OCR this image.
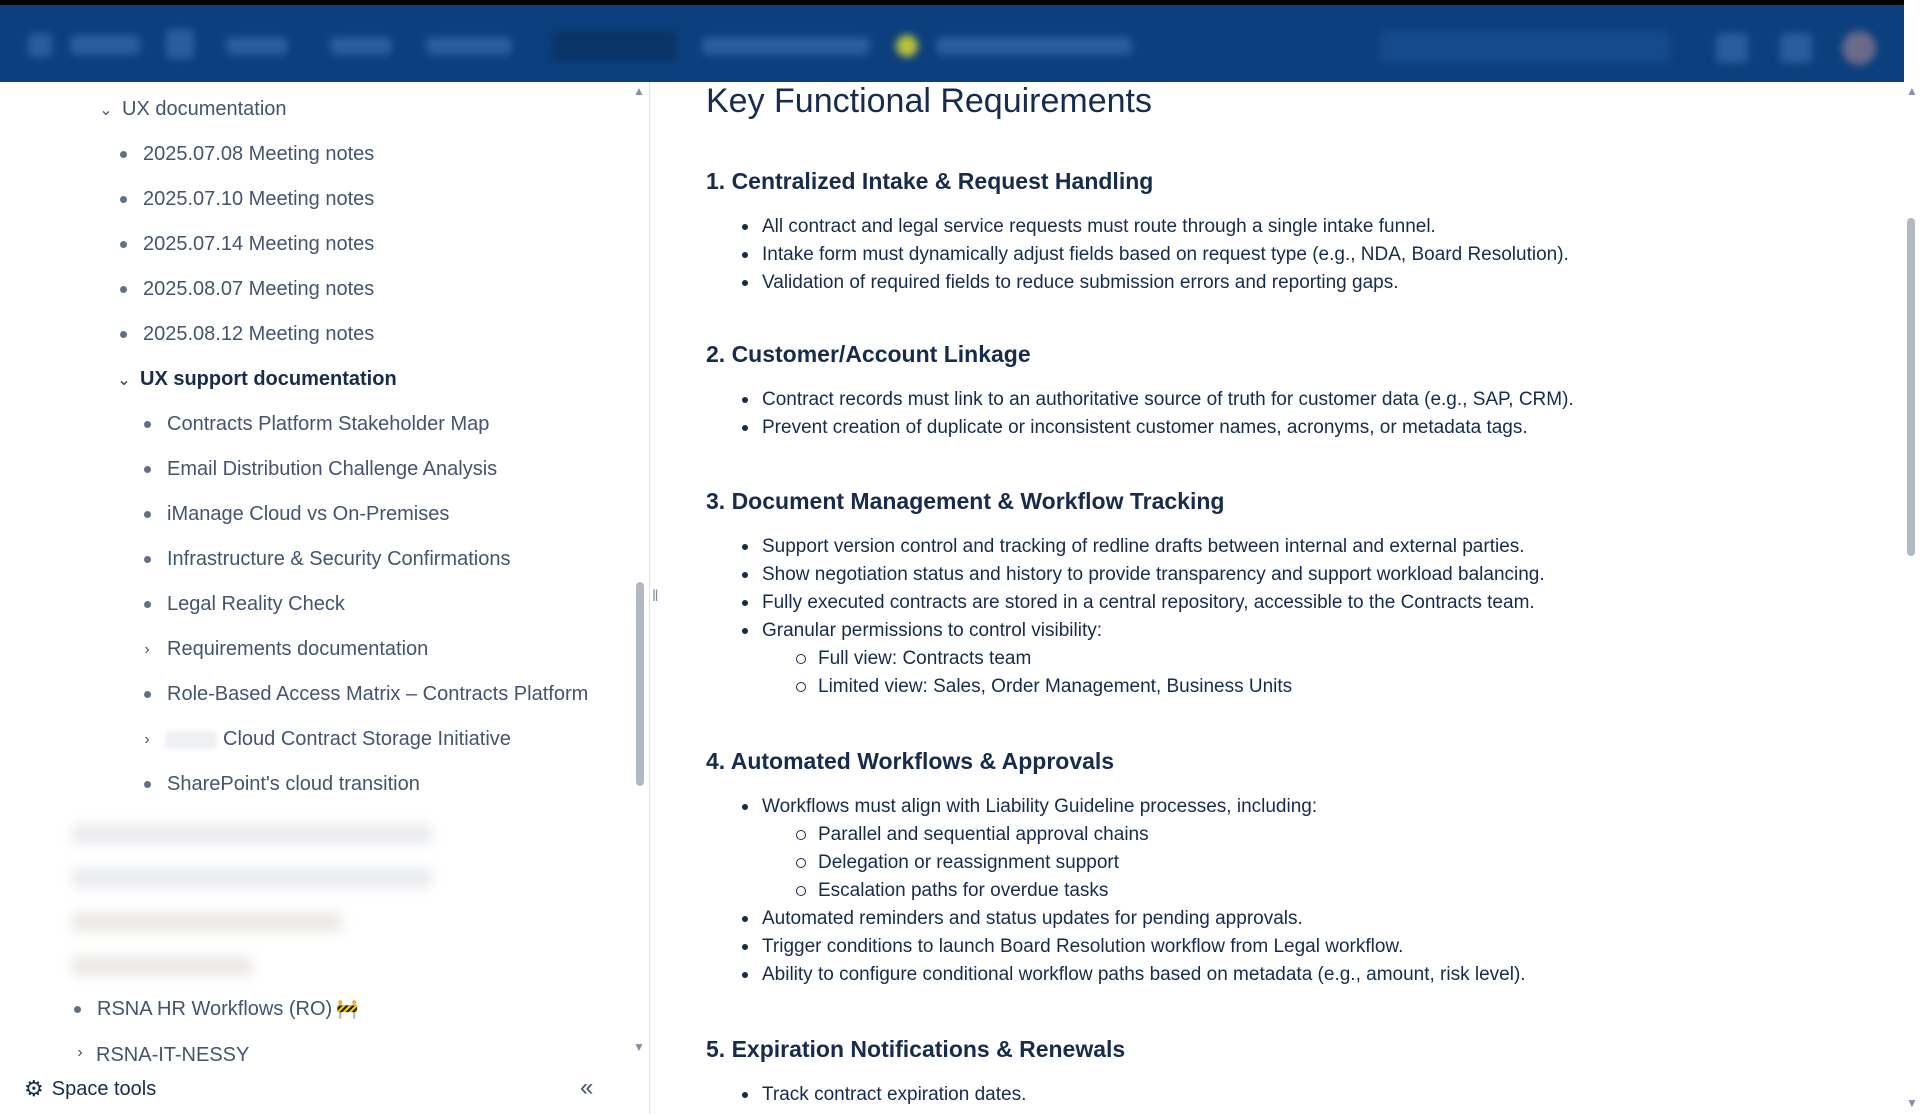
▲
⌄ UX documentation
2025.07.08 Meeting notes
2025.07.10 Meeting notes
2025.07.14 Meeting notes
2025.08.07 Meeting notes
2025.08.12 Meeting notes
⌄ UX support documentation
Contracts Platform Stakeholder Map
Email Distribution Challenge Analysis
iManage Cloud vs On-Premises
Infrastructure & Security Confirmations
Legal Reality Check
› Requirements documentation
Role-Based Access Matrix – Contracts Platform
›	Cloud Contract Storage Initiative
SharePoint's cloud transition
RSNA HR Workflows (RO) 🚧
› RSNA-IT-NESSY	▼
⚙ Space tools	«
‖
Key Functional Requirements
1. Centralized Intake & Request Handling
All contract and legal service requests must route through a single intake funnel.
Intake form must dynamically adjust fields based on request type (e.g., NDA, Board Resolution).
Validation of required fields to reduce submission errors and reporting gaps.
2. Customer/Account Linkage
Contract records must link to an authoritative source of truth for customer data (e.g., SAP, CRM).
Prevent creation of duplicate or inconsistent customer names, acronyms, or metadata tags.
3. Document Management & Workflow Tracking
Support version control and tracking of redline drafts between internal and external parties.
Show negotiation status and history to provide transparency and support workload balancing.
Fully executed contracts are stored in a central repository, accessible to the Contracts team.
Granular permissions to control visibility:
Full view: Contracts team
Limited view: Sales, Order Management, Business Units
4. Automated Workflows & Approvals
Workflows must align with Liability Guideline processes, including:
Parallel and sequential approval chains
Delegation or reassignment support
Escalation paths for overdue tasks
Automated reminders and status updates for pending approvals.
Trigger conditions to launch Board Resolution workflow from Legal workflow.
Ability to configure conditional workflow paths based on metadata (e.g., amount, risk level).
5. Expiration Notifications & Renewals
Track contract expiration dates.
▲
▼
